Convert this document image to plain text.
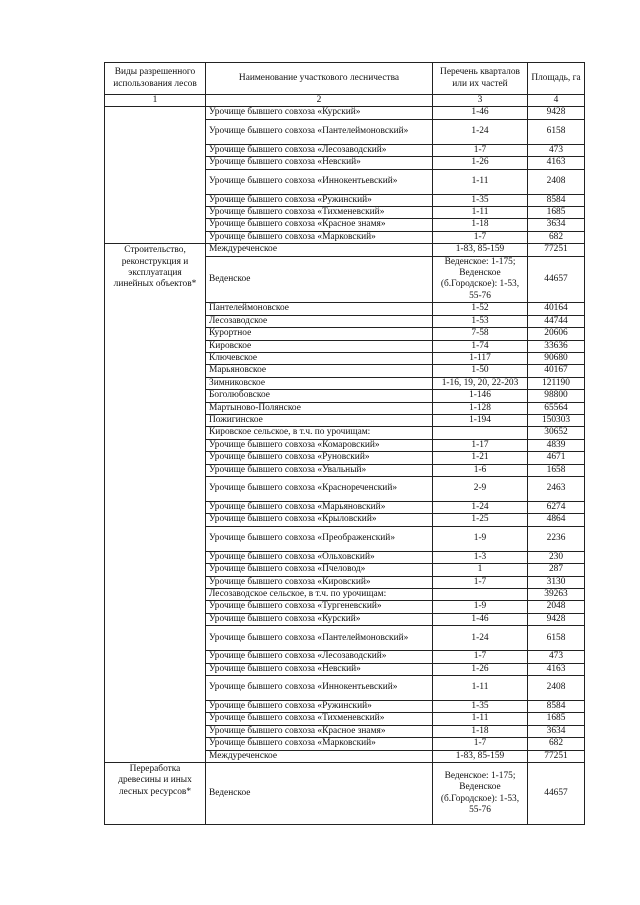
Виды разрешенного использования лесов	Наименование участкового лесничества	Перечень кварталов или их частей	Площадь, га
1	2	3	4
	Урочище бывшего совхоза «Курский»	1-46	9428
	Урочище бывшего совхоза «Пантелеймоновский»	1-24	6158
	Урочище бывшего совхоза «Лесозаводский»	1-7	473
	Урочище бывшего совхоза «Невский»	1-26	4163
	Урочище бывшего совхоза «Иннокентьевский»	1-11	2408
	Урочище бывшего совхоза «Ружинский»	1-35	8584
	Урочище бывшего совхоза «Тихменевский»	1-11	1685
	Урочище бывшего совхоза «Красное знамя»	1-18	3634
	Урочище бывшего совхоза «Марковский»	1-7	682
Строительство, реконструкция и эксплуатация линейных объектов*	Междуреченское	1-83, 85-159	77251
	Веденское	Веденское: 1-175; Веденское (б.Городское): 1-53, 55-76	44657
	Пантелеймоновское	1-52	40164
	Лесозаводское	1-53	44744
	Курортное	7-58	20606
	Кировское	1-74	33636
	Ключевское	1-117	90680
	Марьяновское	1-50	40167
	Зимниковское	1-16, 19, 20, 22-203	121190
	Боголюбовское	1-146	98800
	Мартыново-Полянское	1-128	65564
	Пожигинское	1-194	150303
	Кировское сельское, в т.ч. по урочищам:		30652
	Урочище бывшего совхоза «Комаровский»	1-17	4839
	Урочище бывшего совхоза «Руновский»	1-21	4671
	Урочище бывшего совхоза «Увальный»	1-6	1658
	Урочище бывшего совхоза «Краснореченский»	2-9	2463
	Урочище бывшего совхоза «Марьяновский»	1-24	6274
	Урочище бывшего совхоза «Крыловский»	1-25	4864
	Урочище бывшего совхоза «Преображенский»	1-9	2236
	Урочище бывшего совхоза «Ольховский»	1-3	230
	Урочище бывшего совхоза «Пчеловод»	1	287
	Урочище бывшего совхоза «Кировский»	1-7	3130
	Лесозаводское сельское, в т.ч. по урочищам:		39263
	Урочище бывшего совхоза «Тургеневский»	1-9	2048
	Урочище бывшего совхоза «Курский»	1-46	9428
	Урочище бывшего совхоза «Пантелеймоновский»	1-24	6158
	Урочище бывшего совхоза «Лесозаводский»	1-7	473
	Урочище бывшего совхоза «Невский»	1-26	4163
	Урочище бывшего совхоза «Иннокентьевский»	1-11	2408
	Урочище бывшего совхоза «Ружинский»	1-35	8584
	Урочище бывшего совхоза «Тихменевский»	1-11	1685
	Урочище бывшего совхоза «Красное знамя»	1-18	3634
	Урочище бывшего совхоза «Марковский»	1-7	682
	Междуреченское	1-83, 85-159	77251
Переработка древесины и иных лесных ресурсов*	Веденское	Веденское: 1-175; Веденское (б.Городское): 1-53, 55-76	44657
